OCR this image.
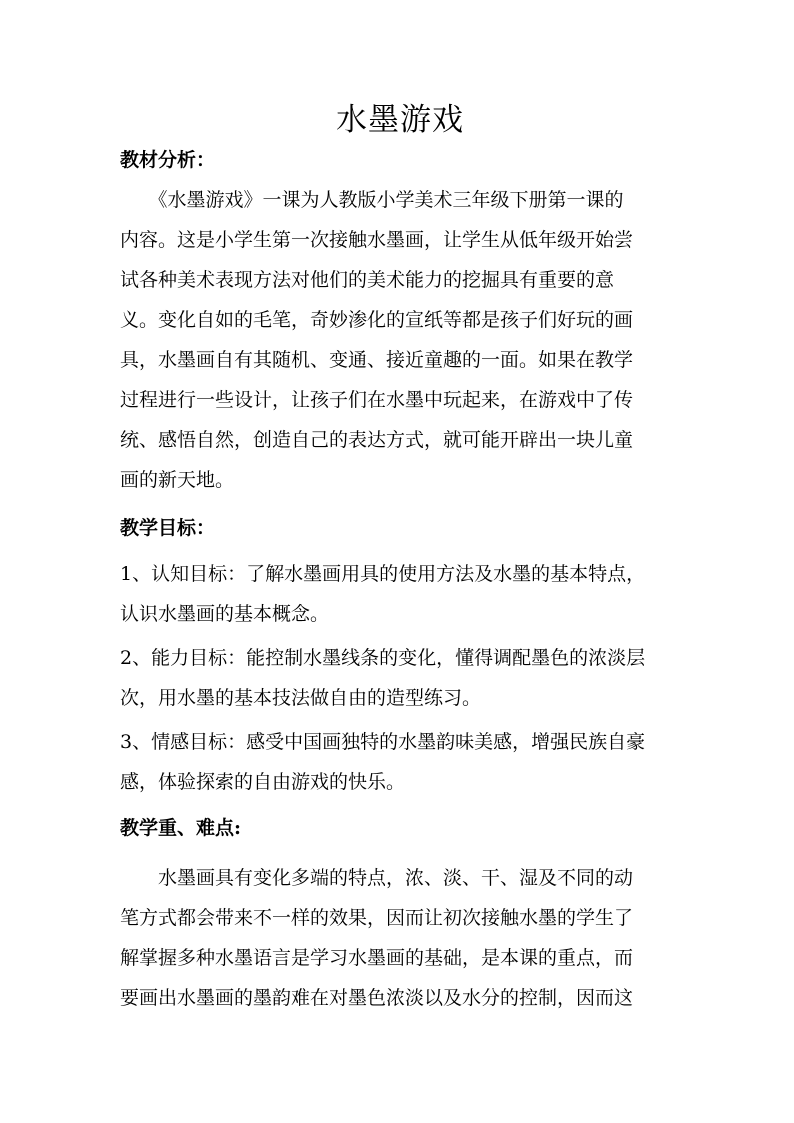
水墨游戏
教材分析：
　　《水墨游戏》一课为人教版小学美术三年级下册第一课的
内容。这是小学生第一次接触水墨画，让学生从低年级开始尝
试各种美术表现方法对他们的美术能力的挖掘具有重要的意
义。变化自如的毛笔，奇妙渗化的宣纸等都是孩子们好玩的画
具，水墨画自有其随机、变通、接近童趣的一面。如果在教学
过程进行一些设计，让孩子们在水墨中玩起来，在游戏中了传
统、感悟自然，创造自己的表达方式，就可能开辟出一块儿童
画的新天地。
教学目标：
1、认知目标：了解水墨画用具的使用方法及水墨的基本特点，
认识水墨画的基本概念。
2、能力目标：能控制水墨线条的变化，懂得调配墨色的浓淡层
次，用水墨的基本技法做自由的造型练习。
3、情感目标：感受中国画独特的水墨韵味美感，增强民族自豪
感，体验探索的自由游戏的快乐。
教学重、难点:
　　水墨画具有变化多端的特点，浓、淡、干、湿及不同的动
笔方式都会带来不一样的效果，因而让初次接触水墨的学生了
解掌握多种水墨语言是学习水墨画的基础，是本课的重点，而
要画出水墨画的墨韵难在对墨色浓淡以及水分的控制，因而这
